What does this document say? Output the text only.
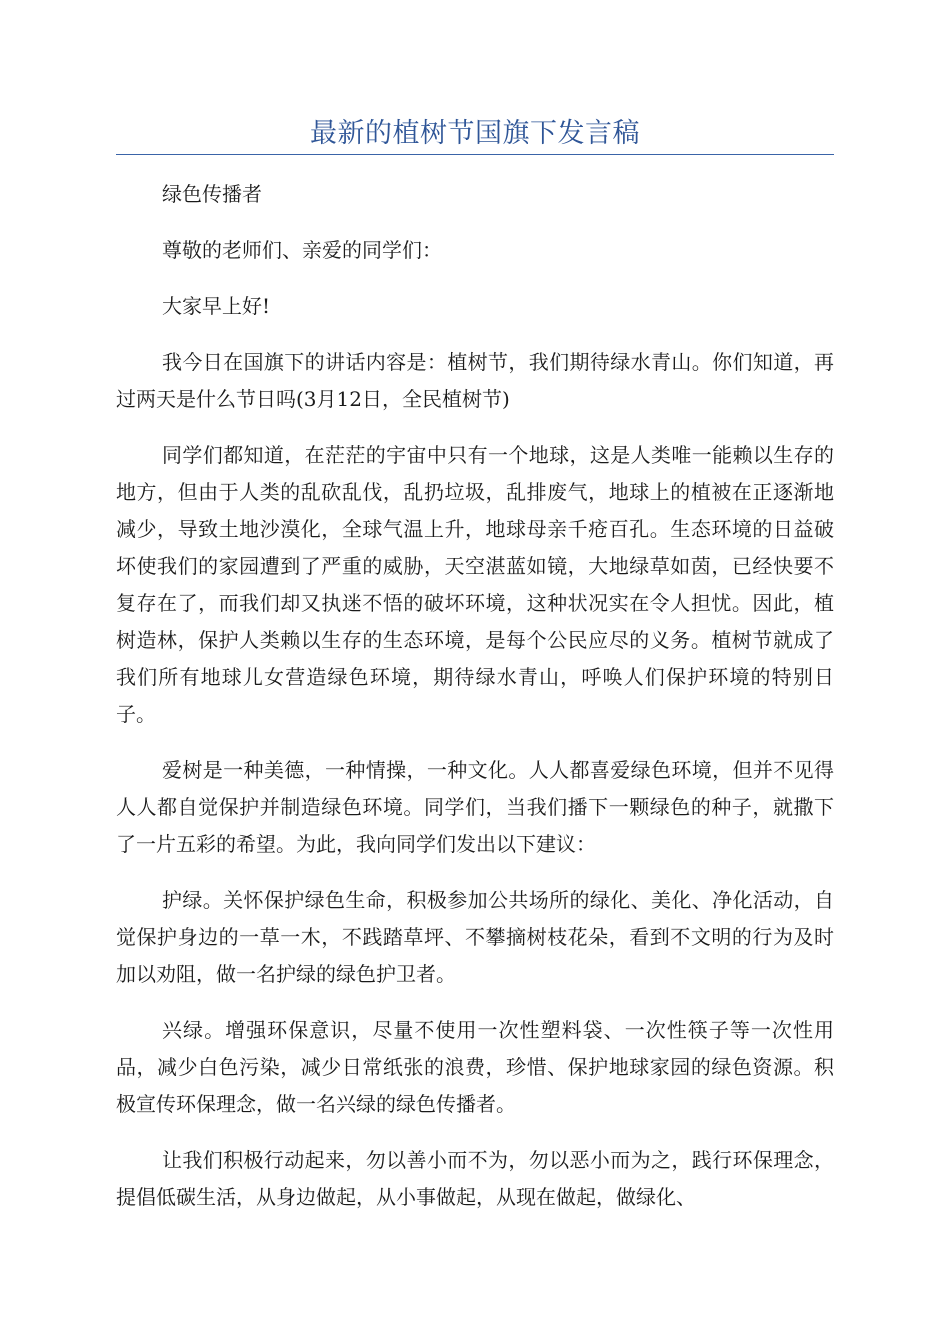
最新的植树节国旗下发言稿

绿色传播者

尊敬的老师们、亲爱的同学们：

大家早上好!

我今日在国旗下的讲话内容是：植树节，我们期待绿水青山。你们知道，再过两天是什么节日吗(3月12日，全民植树节)

同学们都知道，在茫茫的宇宙中只有一个地球，这是人类唯一能赖以生存的地方，但由于人类的乱砍乱伐，乱扔垃圾，乱排废气，地球上的植被在正逐渐地减少，导致土地沙漠化，全球气温上升，地球母亲千疮百孔。生态环境的日益破坏使我们的家园遭到了严重的威胁，天空湛蓝如镜，大地绿草如茵，已经快要不复存在了，而我们却又执迷不悟的破坏环境，这种状况实在令人担忧。因此，植树造林，保护人类赖以生存的生态环境，是每个公民应尽的义务。植树节就成了我们所有地球儿女营造绿色环境，期待绿水青山，呼唤人们保护环境的特别日子。

爱树是一种美德，一种情操，一种文化。人人都喜爱绿色环境，但并不见得人人都自觉保护并制造绿色环境。同学们，当我们播下一颗绿色的种子，就撒下了一片五彩的希望。为此，我向同学们发出以下建议：

护绿。关怀保护绿色生命，积极参加公共场所的绿化、美化、净化活动，自觉保护身边的一草一木，不践踏草坪、不攀摘树枝花朵，看到不文明的行为及时加以劝阻，做一名护绿的绿色护卫者。

兴绿。增强环保意识，尽量不使用一次性塑料袋、一次性筷子等一次性用品，减少白色污染，减少日常纸张的浪费，珍惜、保护地球家园的绿色资源。积极宣传环保理念，做一名兴绿的绿色传播者。

让我们积极行动起来，勿以善小而不为，勿以恶小而为之，践行环保理念，提倡低碳生活，从身边做起，从小事做起，从现在做起，做绿化、
